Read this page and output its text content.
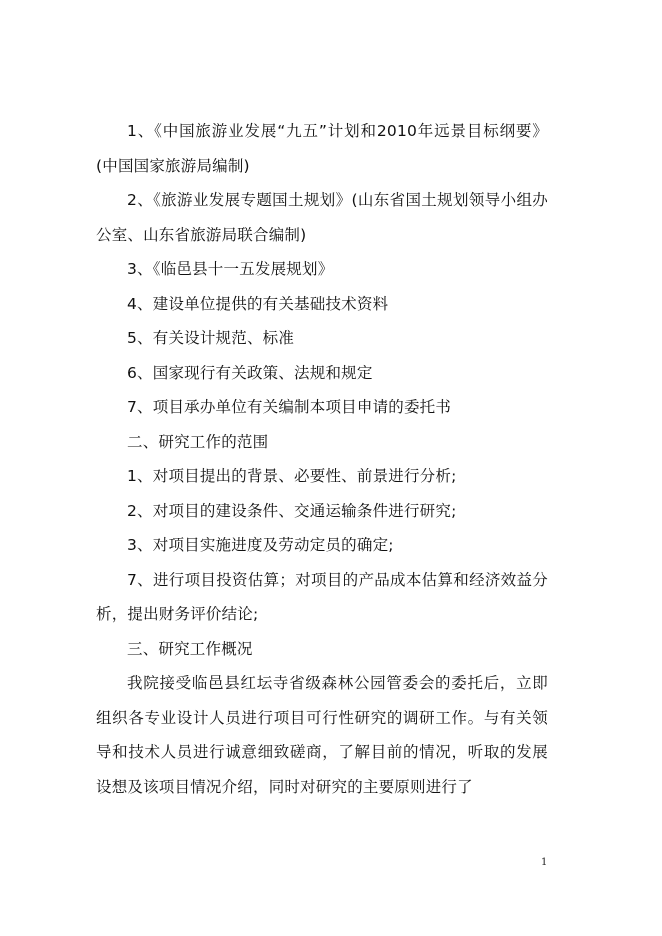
1、《中国旅游业发展“九五”计划和2010年远景目标纲要》(中国国家旅游局编制)

2、《旅游业发展专题国土规划》(山东省国土规划领导小组办公室、山东省旅游局联合编制)

3、《临邑县十一五发展规划》

4、建设单位提供的有关基础技术资料

5、有关设计规范、标准

6、国家现行有关政策、法规和规定

7、项目承办单位有关编制本项目申请的委托书

二、研究工作的范围

1、对项目提出的背景、必要性、前景进行分析;

2、对项目的建设条件、交通运输条件进行研究;

3、对项目实施进度及劳动定员的确定;

7、进行项目投资估算；对项目的产品成本估算和经济效益分析，提出财务评价结论;

三、研究工作概况

我院接受临邑县红坛寺省级森林公园管委会的委托后，立即组织各专业设计人员进行项目可行性研究的调研工作。与有关领导和技术人员进行诚意细致磋商，了解目前的情况，听取的发展设想及该项目情况介绍，同时对研究的主要原则进行了

1
